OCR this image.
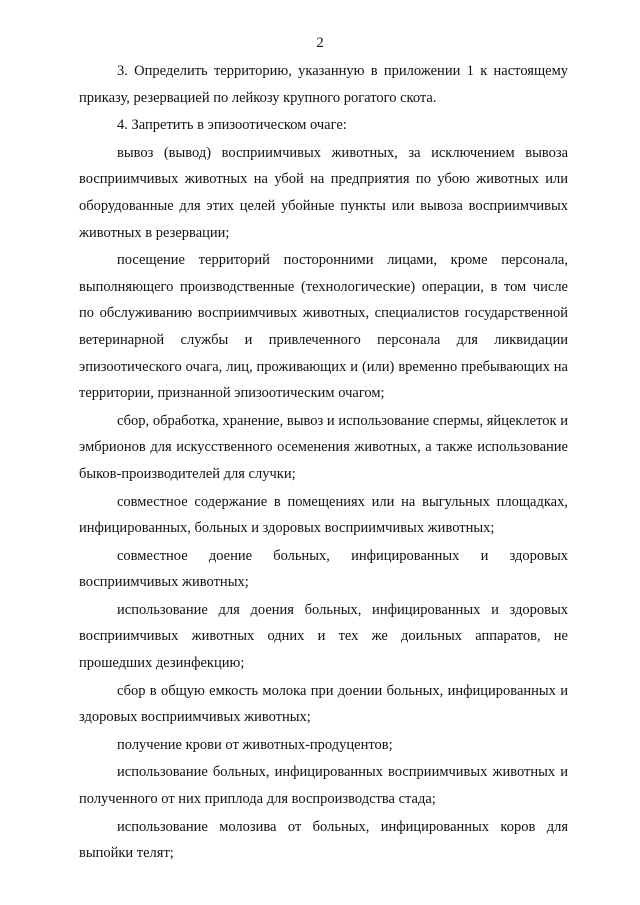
2

3. Определить территорию, указанную в приложении 1 к настоящему приказу, резервацией по лейкозу крупного рогатого скота.

4. Запретить в эпизоотическом очаге:

вывоз (вывод) восприимчивых животных, за исключением вывоза восприимчивых животных на убой на предприятия по убою животных или оборудованные для этих целей убойные пункты или вывоза восприимчивых животных в резервации;

посещение территорий посторонними лицами, кроме персонала, выполняющего производственные (технологические) операции, в том числе по обслуживанию восприимчивых животных, специалистов государственной ветеринарной службы и привлеченного персонала для ликвидации эпизоотического очага, лиц, проживающих и (или) временно пребывающих на территории, признанной эпизоотическим очагом;

сбор, обработка, хранение, вывоз и использование спермы, яйцеклеток и эмбрионов для искусственного осеменения животных, а также использование быков-производителей для случки;

совместное содержание в помещениях или на выгульных площадках, инфицированных, больных и здоровых восприимчивых животных;

совместное доение больных, инфицированных и здоровых восприимчивых животных;

использование для доения больных, инфицированных и здоровых восприимчивых животных одних и тех же доильных аппаратов, не прошедших дезинфекцию;

сбор в общую емкость молока при доении больных, инфицированных и здоровых восприимчивых животных;

получение крови от животных-продуцентов;

использование больных, инфицированных восприимчивых животных и полученного от них приплода для воспроизводства стада;

использование молозива от больных, инфицированных коров для выпойки телят;
